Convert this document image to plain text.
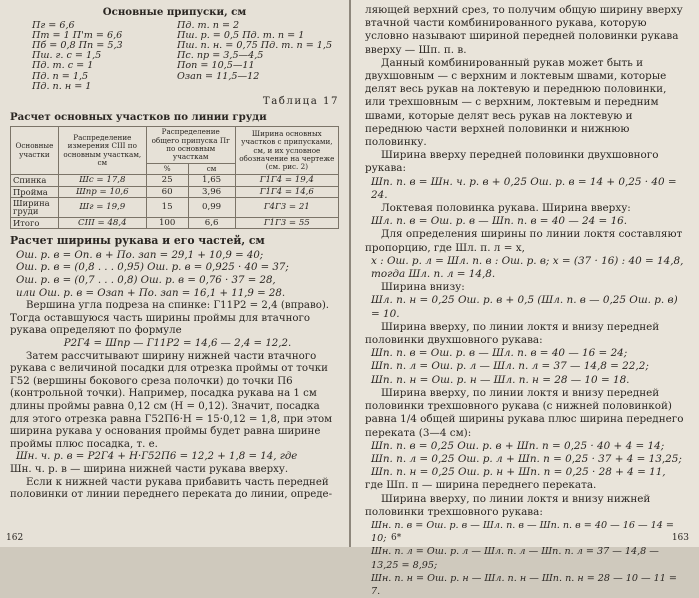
Основные припуски, см
Пг = 6,6	Пд. т. п = 2
Пт = 1 П'т = 6,6	Пш. р. = 0,5 Пд. т. п = 1
Пб = 0,8 Пп = 5,3	Пш. п. н. = 0,75 Пд. т. п = 1,5
Пш. г. с = 1,5	Пс. пр = 3,5—4,5
Пд. т. с = 1	Поп = 10,5—11
Пд. п = 1,5	Озап = 11,5—12
Пд. п. н = 1
Таблица 17
Расчет основных участков по линии груди
Основные участки	Распределение измерения СIII по основным участкам, см	Распределение общего припуска Пг по основным участкам		Ширина основных участков с припусками, см, и их условное обозначение на чертеже (см. рис. 2)
		%	см	
Спинка	Шс = 17,8	25	1,65	Г1Г4 = 19,4
Пройма	Шпр = 10,6	60	3,96	Г1Г4 = 14,6
Ширина груди	Шг = 19,9	15	0,99	Г4Г3 = 21
Итого	СIII = 48,4	100	6,6	Г1Г3 = 55
Расчет ширины рукава и его частей, см

Ош. р. в = Оп. в + По. зап = 29,1 + 10,9 = 40;

Ош. р. в = (0,8 . . . 0,95) Ош. р. в = 0,925 · 40 = 37;

Ош. р. в = (0,7 . . . 0,8) Ош. р. в = 0,76 · 37 = 28,

или Ош. р. в = Озап + По. зап = 16,1 + 11,9 = 28.

Вершина угла подреза на спинке: Г11Р2 = 2,4 (вправо). Тогда оставшуюся часть ширины проймы для втачного рукава определяют по формуле

Р2Г4 = Шпр — Г11Р2 = 14,6 — 2,4 = 12,2.

Затем рассчитывают ширину нижней части втачного рукава с величиной посадки для отрезка проймы от точки Г52 (вершины бокового среза полочки) до точки П6 (контрольной точки). Например, посадка рукава на 1 см длины проймы равна 0,12 см (Н = 0,12). Значит, посадка для этого отрезка равна Г52П6·Н = 15·0,12 = 1,8, при этом ширина рукава у основания проймы будет равна ширине проймы плюс посадка, т. е.

Шн. ч. р. в = Р2Г4 + Н·Г52П6 = 12,2 + 1,8 = 14, где

Шн. ч. р. в — ширина нижней части рукава вверху.

Если к нижней части рукава прибавить часть передней половинки от линии переднего переката до линии, опреде-

162

ляющей верхний срез, то получим общую ширину вверху втачной части комбинированного рукава, которую условно называют шириной передней половинки рукава вверху — Шп. п. в.

Данный комбинированный рукав может быть и двухшовным — с верхним и локтевым швами, которые делят весь рукав на локтевую и переднюю половинки, или трехшовным — с верхним, локтевым и передним швами, которые делят весь рукав на локтевую и переднюю части верхней половинки и нижнюю половинку.

Ширина вверху передней половинки двухшовного рукава:

Шп. п. в = Шн. ч. р. в + 0,25 Ош. р. в = 14 + 0,25 · 40 = 24.

Локтевая половинка рукава. Ширина вверху:

Шл. п. в = Ош. р. в — Шп. п. в = 40 — 24 = 16.

Для определения ширины по линии локтя составляют пропорцию, где Шл. п. л = х,

х : Ош. р. л = Шл. п. в : Ош. р. в; х = (37 · 16) : 40 = 14,8, тогда Шл. п. л = 14,8.

Ширина внизу:

Шл. п. н = 0,25 Ош. р. в + 0,5 (Шл. п. в — 0,25 Ош. р. в) = 10.

Ширина вверху, по линии локтя и внизу передней половинки двухшовного рукава:

Шп. п. в = Ош. р. в — Шл. п. в = 40 — 16 = 24;

Шп. п. л = Ош. р. л — Шл. п. л = 37 — 14,8 = 22,2;

Шп. п. н = Ош. р. н — Шл. п. н = 28 — 10 = 18.

Ширина вверху, по линии локтя и внизу передней половинки трехшовного рукава (с нижней половинкой) равна 1/4 общей ширины рукава плюс ширина переднего переката (3—4 см):

Шп. п. в = 0,25 Ош. р. в + Шп. п = 0,25 · 40 + 4 = 14;

Шп. п. л = 0,25 Ош. р. л + Шп. п = 0,25 · 37 + 4 = 13,25;

Шп. п. н = 0,25 Ош. р. н + Шп. п = 0,25 · 28 + 4 = 11,

где Шп. п — ширина переднего переката.

Ширина вверху, по линии локтя и внизу нижней половинки трехшовного рукава:

Шн. п. в = Ош. р. в — Шл. п. в — Шп. п. в = 40 — 16 — 14 = 10;

Шн. п. л = Ош. р. л — Шл. п. л — Шп. п. л = 37 — 14,8 — 13,25 = 8,95;

Шн. п. н = Ош. р. н — Шл. п. н — Шп. п. н = 28 — 10 — 11 = 7.

6*	163
